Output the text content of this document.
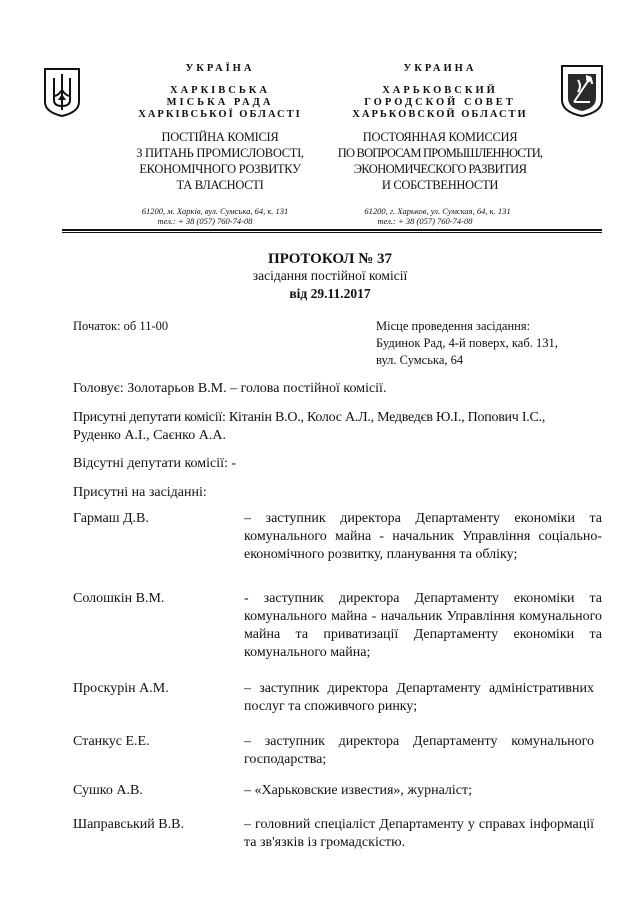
УКРАЇНА
ХАРКІВСЬКА
МІСЬКА РАДА
ХАРКІВСЬКОЇ ОБЛАСТІ
ПОСТІЙНА КОМІСІЯ
З ПИТАНЬ ПРОМИСЛОВОСТІ,
ЕКОНОМІЧНОГО РОЗВИТКУ
ТА ВЛАСНОСТІ
61200, м. Харків, вул. Сумська, 64, к. 131
тел.: + 38 (057) 760-74-08
УКРАИНА
ХАРЬКОВСКИЙ
ГОРОДСКОЙ СОВЕТ
ХАРЬКОВСКОЙ ОБЛАСТИ
ПОСТОЯННАЯ КОМИССИЯ
ПО ВОПРОСАМ ПРОМЫШЛЕННОСТИ,
ЭКОНОМИЧЕСКОГО РАЗВИТИЯ
И СОБСТВЕННОСТИ
61200, г. Харьков, ул. Сумская, 64, к. 131
тел.: + 38 (057) 760-74-08
ПРОТОКОЛ № 37
засідання постійної комісії
від 29.11.2017
Початок: об 11-00	Місце проведення засідання:
Будинок Рад, 4-й поверх, каб. 131,
вул. Сумська, 64
Головує: Золотарьов В.М. – голова постійної комісії.
Присутні депутати комісії: Кітанін В.О., Колос А.Л., Медведєв Ю.І., Попович І.С.,
Руденко А.І., Саєнко А.А.
Відсутні депутати комісії: -
Присутні на засіданні:
Гармаш Д.В.	– заступник директора Департаменту економіки та комунального майна - начальник Управління соціально-економічного розвитку, планування та обліку;
Солошкін В.М.	- заступник директора Департаменту економіки та комунального майна - начальник Управління комунального майна та приватизації Департаменту економіки та комунального майна;
Проскурін А.М.	– заступник директора Департаменту адміністративних послуг та споживчого ринку;
Станкус Е.Е.	– заступник директора Департаменту комунального господарства;
Сушко А.В.	– «Харьковские известия», журналіст;
Шаправський В.В.	– головний спеціаліст Департаменту у справах інформації та зв'язків із громадскістю.
